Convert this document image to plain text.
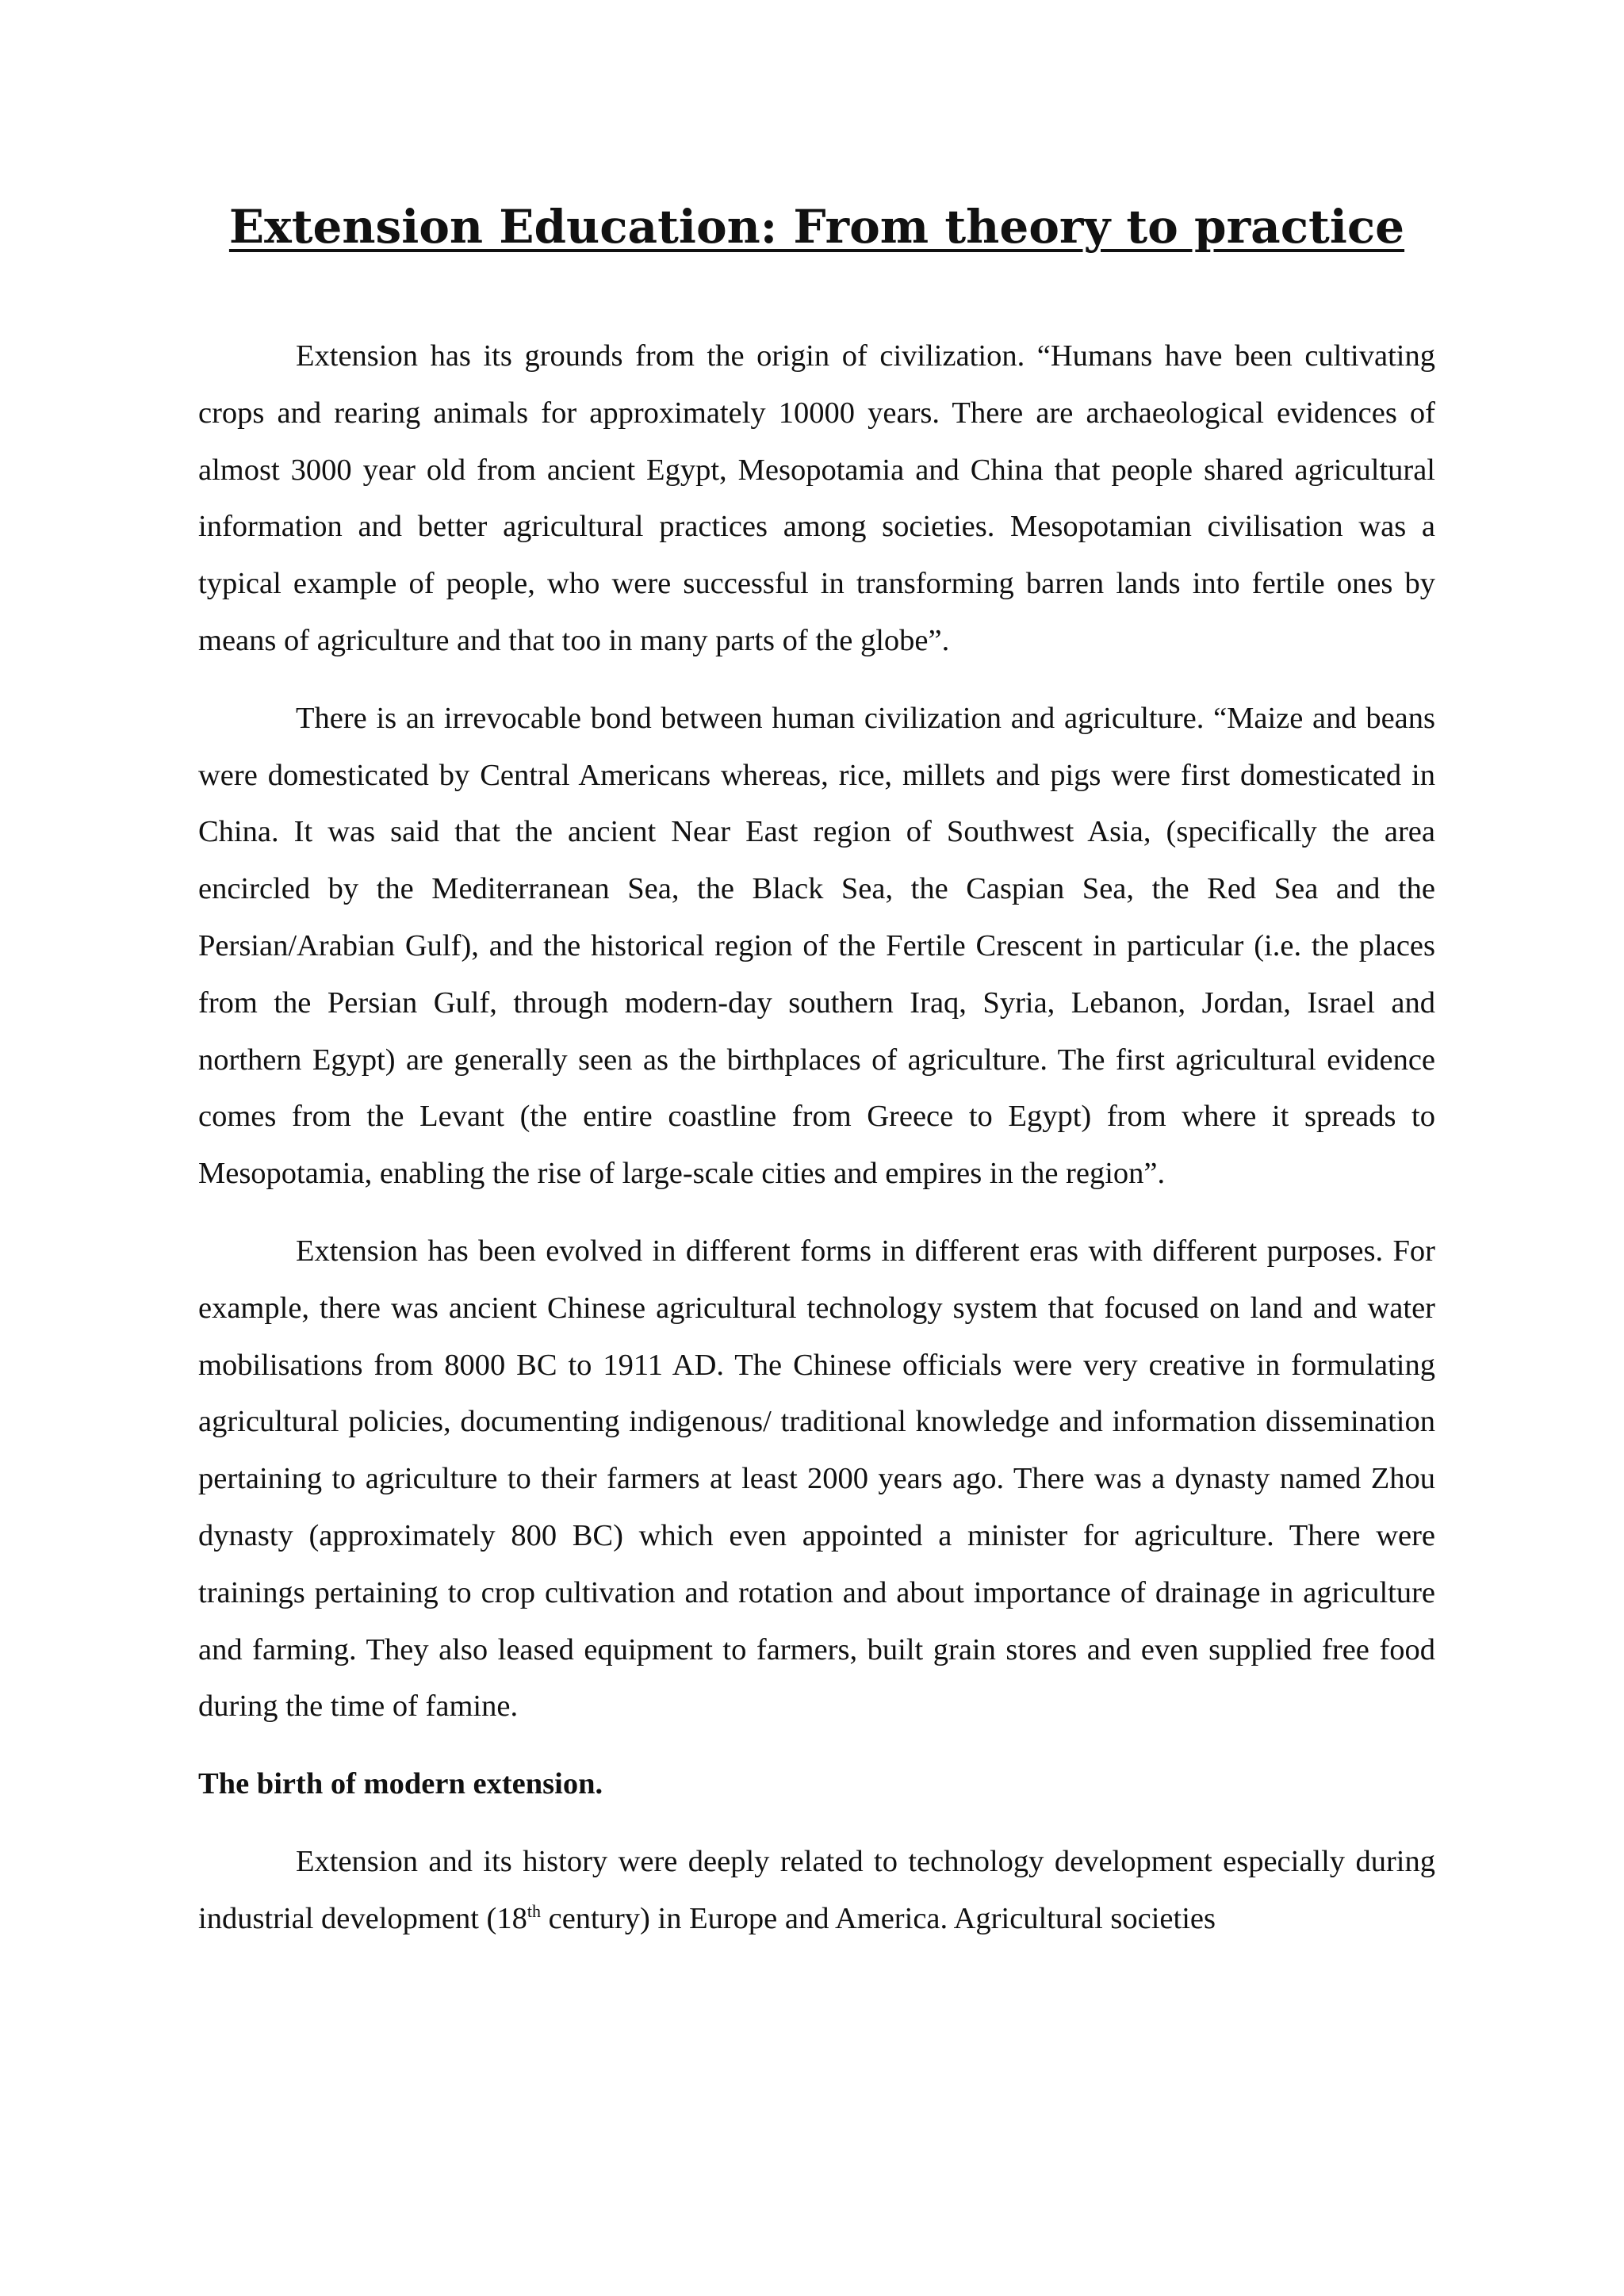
Extension Education: From theory to practice

Extension has its grounds from the origin of civilization. “Humans have been cultivating crops and rearing animals for approximately 10000 years. There are archaeological evidences of almost 3000 year old from ancient Egypt, Mesopotamia and China that people shared agricultural information and better agricultural practices among societies. Mesopotamian civilisation was a typical example of people, who were successful in transforming barren lands into fertile ones by means of agriculture and that too in many parts of the globe”.

There is an irrevocable bond between human civilization and agriculture. “Maize and beans were domesticated by Central Americans whereas, rice, millets and pigs were first domesticated in China. It was said that the ancient Near East region of Southwest Asia, (specifically the area encircled by the Mediterranean Sea, the Black Sea, the Caspian Sea, the Red Sea and the Persian/Arabian Gulf), and the historical region of the Fertile Crescent in particular (i.e. the places from the Persian Gulf, through modern-day southern Iraq, Syria, Lebanon, Jordan, Israel and northern Egypt) are generally seen as the birthplaces of agriculture. The first agricultural evidence comes from the Levant (the entire coastline from Greece to Egypt) from where it spreads to Mesopotamia, enabling the rise of large-scale cities and empires in the region”.

Extension has been evolved in different forms in different eras with different purposes. For example, there was ancient Chinese agricultural technology system that focused on land and water mobilisations from 8000 BC to 1911 AD. The Chinese officials were very creative in formulating agricultural policies, documenting indigenous/ traditional knowledge and information dissemination pertaining to agriculture to their farmers at least 2000 years ago. There was a dynasty named Zhou dynasty (approximately 800 BC) which even appointed a minister for agriculture. There were trainings pertaining to crop cultivation and rotation and about importance of drainage in agriculture and farming. They also leased equipment to farmers, built grain stores and even supplied free food during the time of famine.

The birth of modern extension.

Extension and its history were deeply related to technology development especially during industrial development (18th century) in Europe and America. Agricultural societies
